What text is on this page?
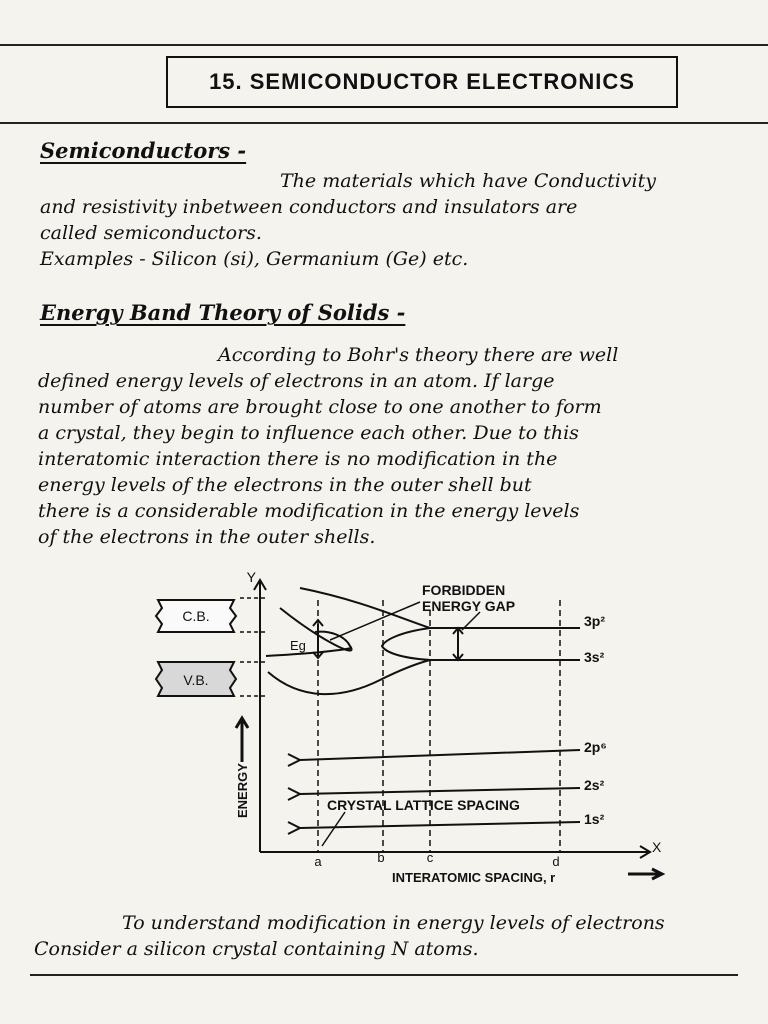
15. SEMICONDUCTOR ELECTRONICS
Semiconductors -
The materials which have Conductivity
and resistivity inbetween conductors and insulators are
called semiconductors.
Examples - Silicon (si), Germanium (Ge) etc.
Energy Band Theory of Solids -
According to Bohr's theory there are well
defined energy levels of electrons in an atom. If large
number of atoms are brought close to one another to form
a crystal, they begin to influence each other. Due to this
interatomic interaction there is no modification in the
energy levels of the electrons in the outer shell but
there is a considerable modification in the energy levels
of the electrons in the outer shells.
C.B.
V.B.
Y
X
Eg
FORBIDDEN
ENERGY GAP
3p²
3s²
2p⁶
2s²
1s²
CRYSTAL LATTICE SPACING
a	b	c	d
INTERATOMIC SPACING, r
ENERGY
To understand modification in energy levels of electrons
Consider a silicon crystal containing N atoms.
